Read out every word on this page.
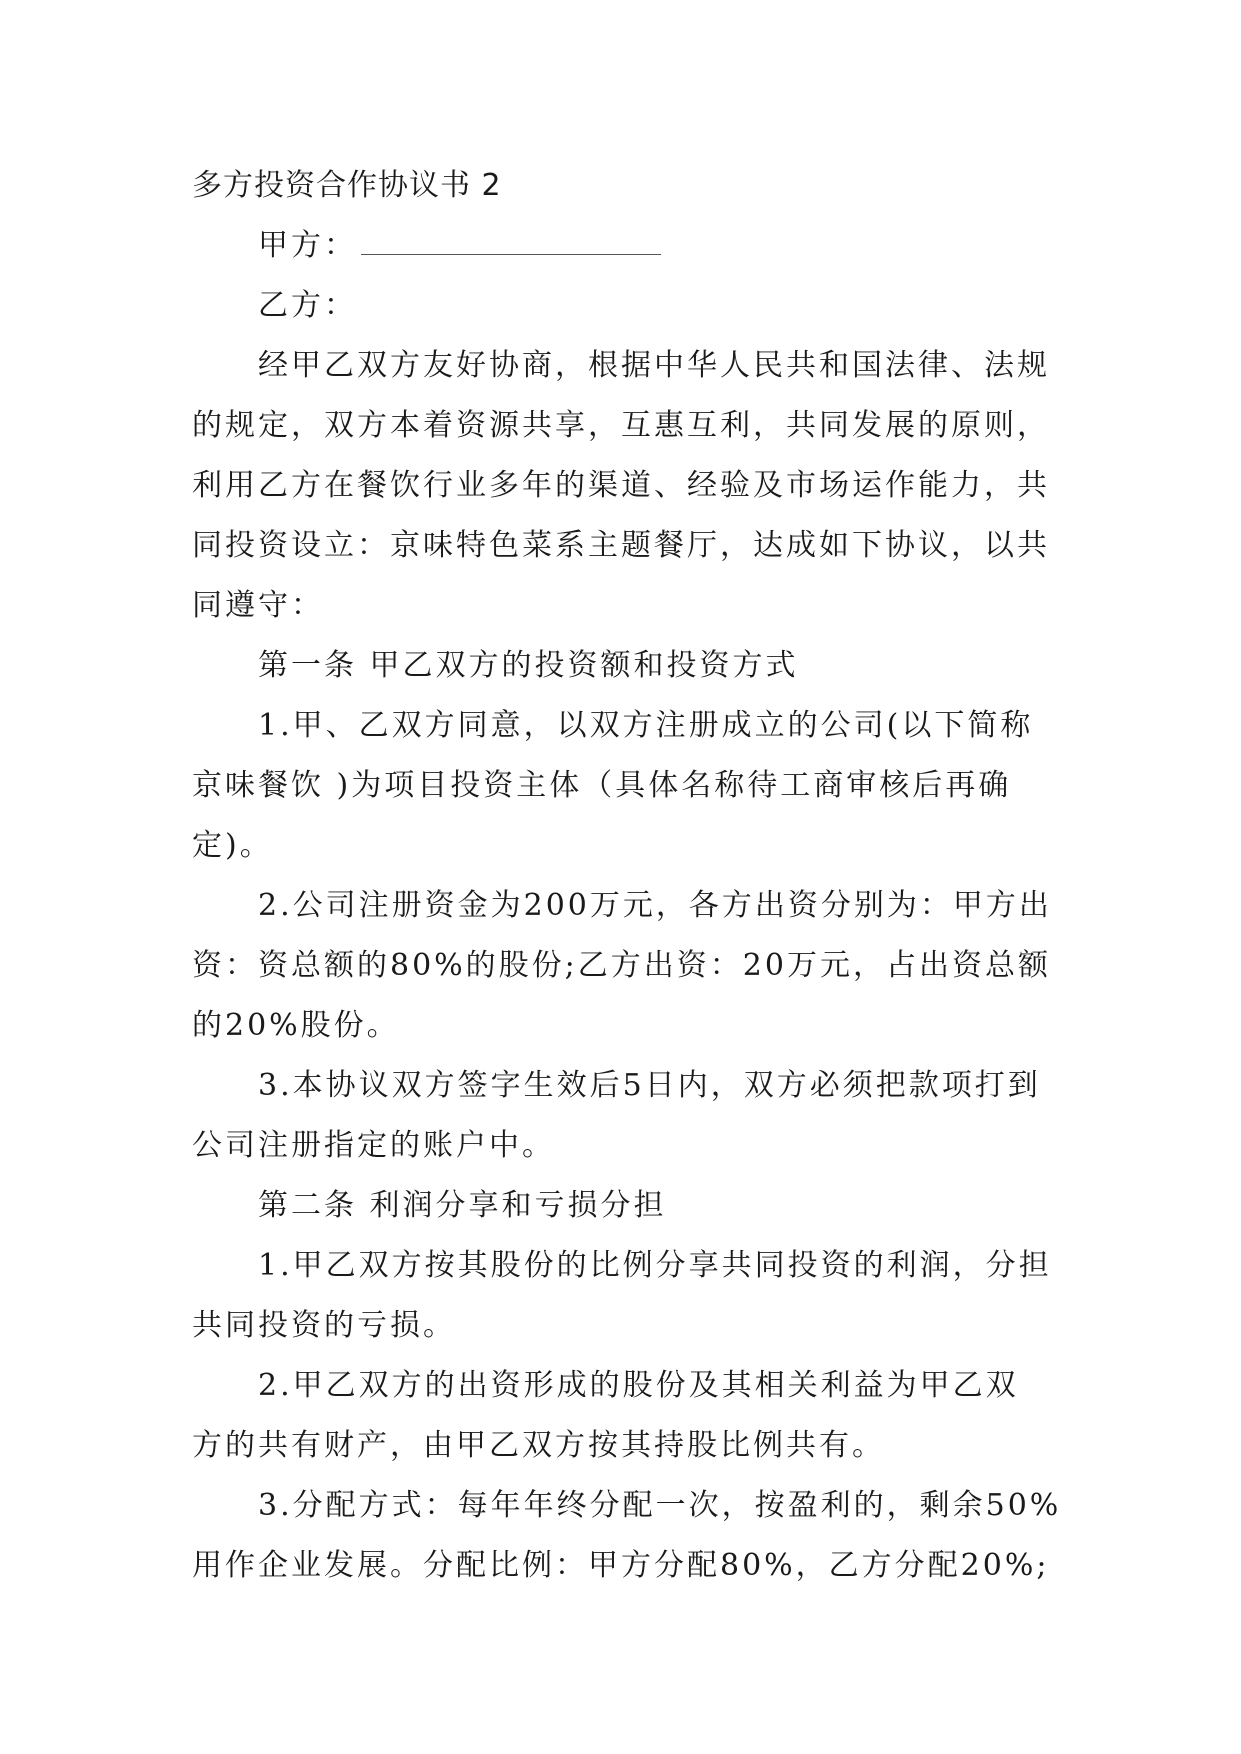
多方投资合作协议书 2
甲方：
乙方：
经甲乙双方友好协商，根据中华人民共和国法律、法规
的规定，双方本着资源共享，互惠互利，共同发展的原则，
利用乙方在餐饮行业多年的渠道、经验及市场运作能力，共
同投资设立：京味特色菜系主题餐厅，达成如下协议，以共
同遵守：
第一条 甲乙双方的投资额和投资方式
1.甲、乙双方同意，以双方注册成立的公司(以下简称
京味餐饮 )为项目投资主体（具体名称待工商审核后再确
定)。
2.公司注册资金为200万元，各方出资分别为：甲方出
资：资总额的80%的股份;乙方出资：20万元，占出资总额
的20%股份。
3.本协议双方签字生效后5日内，双方必须把款项打到
公司注册指定的账户中。
第二条 利润分享和亏损分担
1.甲乙双方按其股份的比例分享共同投资的利润，分担
共同投资的亏损。
2.甲乙双方的出资形成的股份及其相关利益为甲乙双
方的共有财产，由甲乙双方按其持股比例共有。
3.分配方式：每年年终分配一次，按盈利的，剩余50%
用作企业发展。分配比例：甲方分配80%，乙方分配20%;
